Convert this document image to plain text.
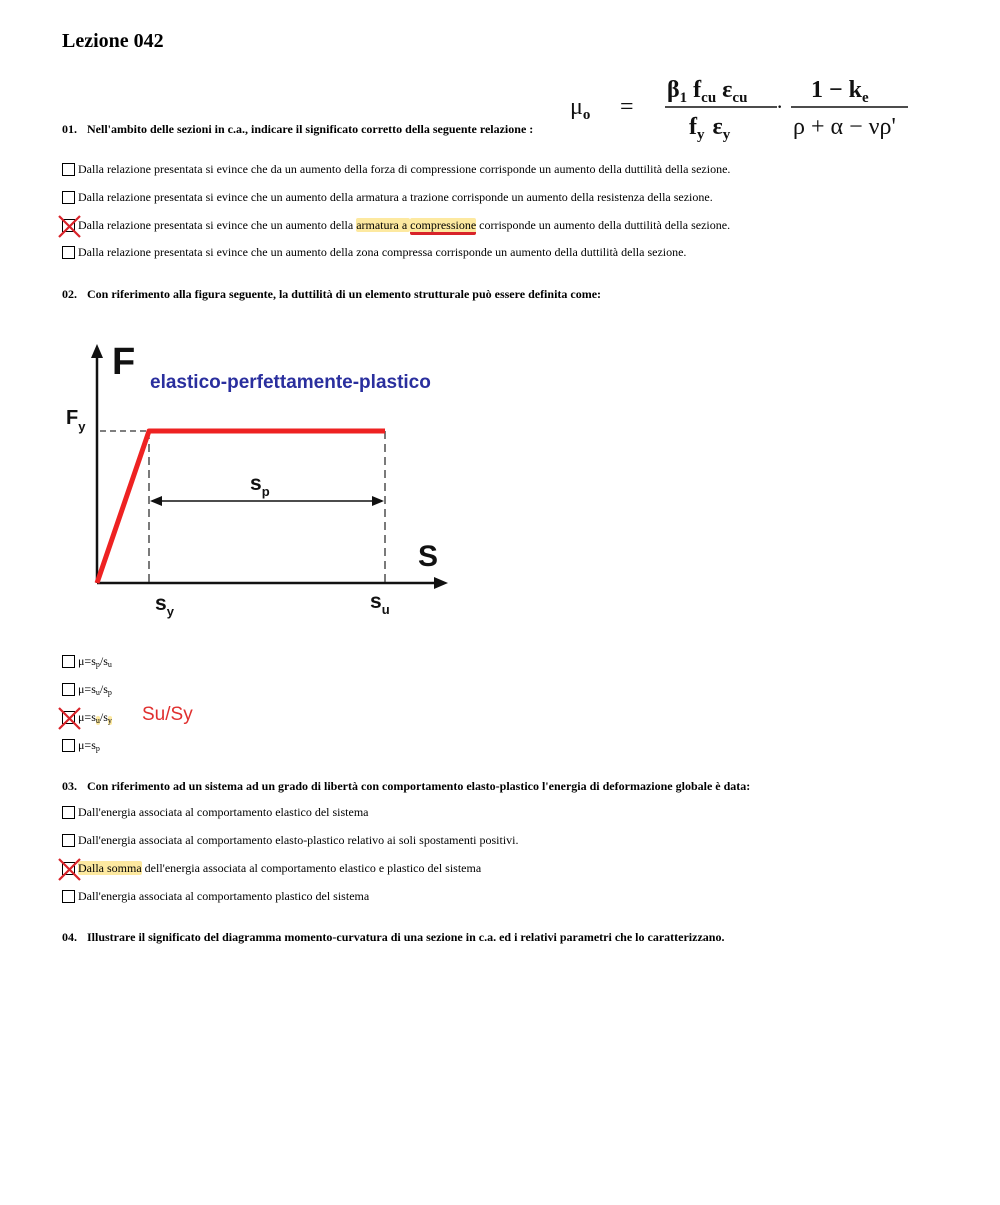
Lezione 042
01. Nell'ambito delle sezioni in c.a., indicare il significato corretto della seguente relazione :
$\mu_o$ =
$\beta_1$ $f_{cu}$ $\varepsilon_{cu}$
$f_y$ $\varepsilon_y$
·
$1 - k_e$
ρ + α − νρ'
Dalla relazione presentata si evince che da un aumento della forza di compressione corrisponde un aumento della duttilità della sezione.
Dalla relazione presentata si evince che un aumento della armatura a trazione corrisponde un aumento della resistenza della sezione.
Dalla relazione presentata si evince che un aumento della armatura a compressione corrisponde un aumento della duttilità della sezione.
Dalla relazione presentata si evince che un aumento della zona compressa corrisponde un aumento della duttilità della sezione.
02. Con riferimento alla figura seguente, la duttilità di un elemento strutturale può essere definita come:
F
S
elastico-perfettamente-plastico
$F_y$
$s_p$
$s_y$	$s_u$
$\mu=s_p/s_u$
$\mu=s_u/s_p$
$\mu=s_u/s_y$
$\mu=s_p$
Su/Sy
03. Con riferimento ad un sistema ad un grado di libertà con comportamento elasto-plastico l'energia di deformazione globale è data:
Dall'energia associata al comportamento elastico del sistema
Dall'energia associata al comportamento elasto-plastico relativo ai soli spostamenti positivi.
Dalla somma dell'energia associata al comportamento elastico e plastico del sistema
Dall'energia associata al comportamento plastico del sistema
04. Illustrare il significato del diagramma momento-curvatura di una sezione in c.a. ed i relativi parametri che lo caratterizzano.
